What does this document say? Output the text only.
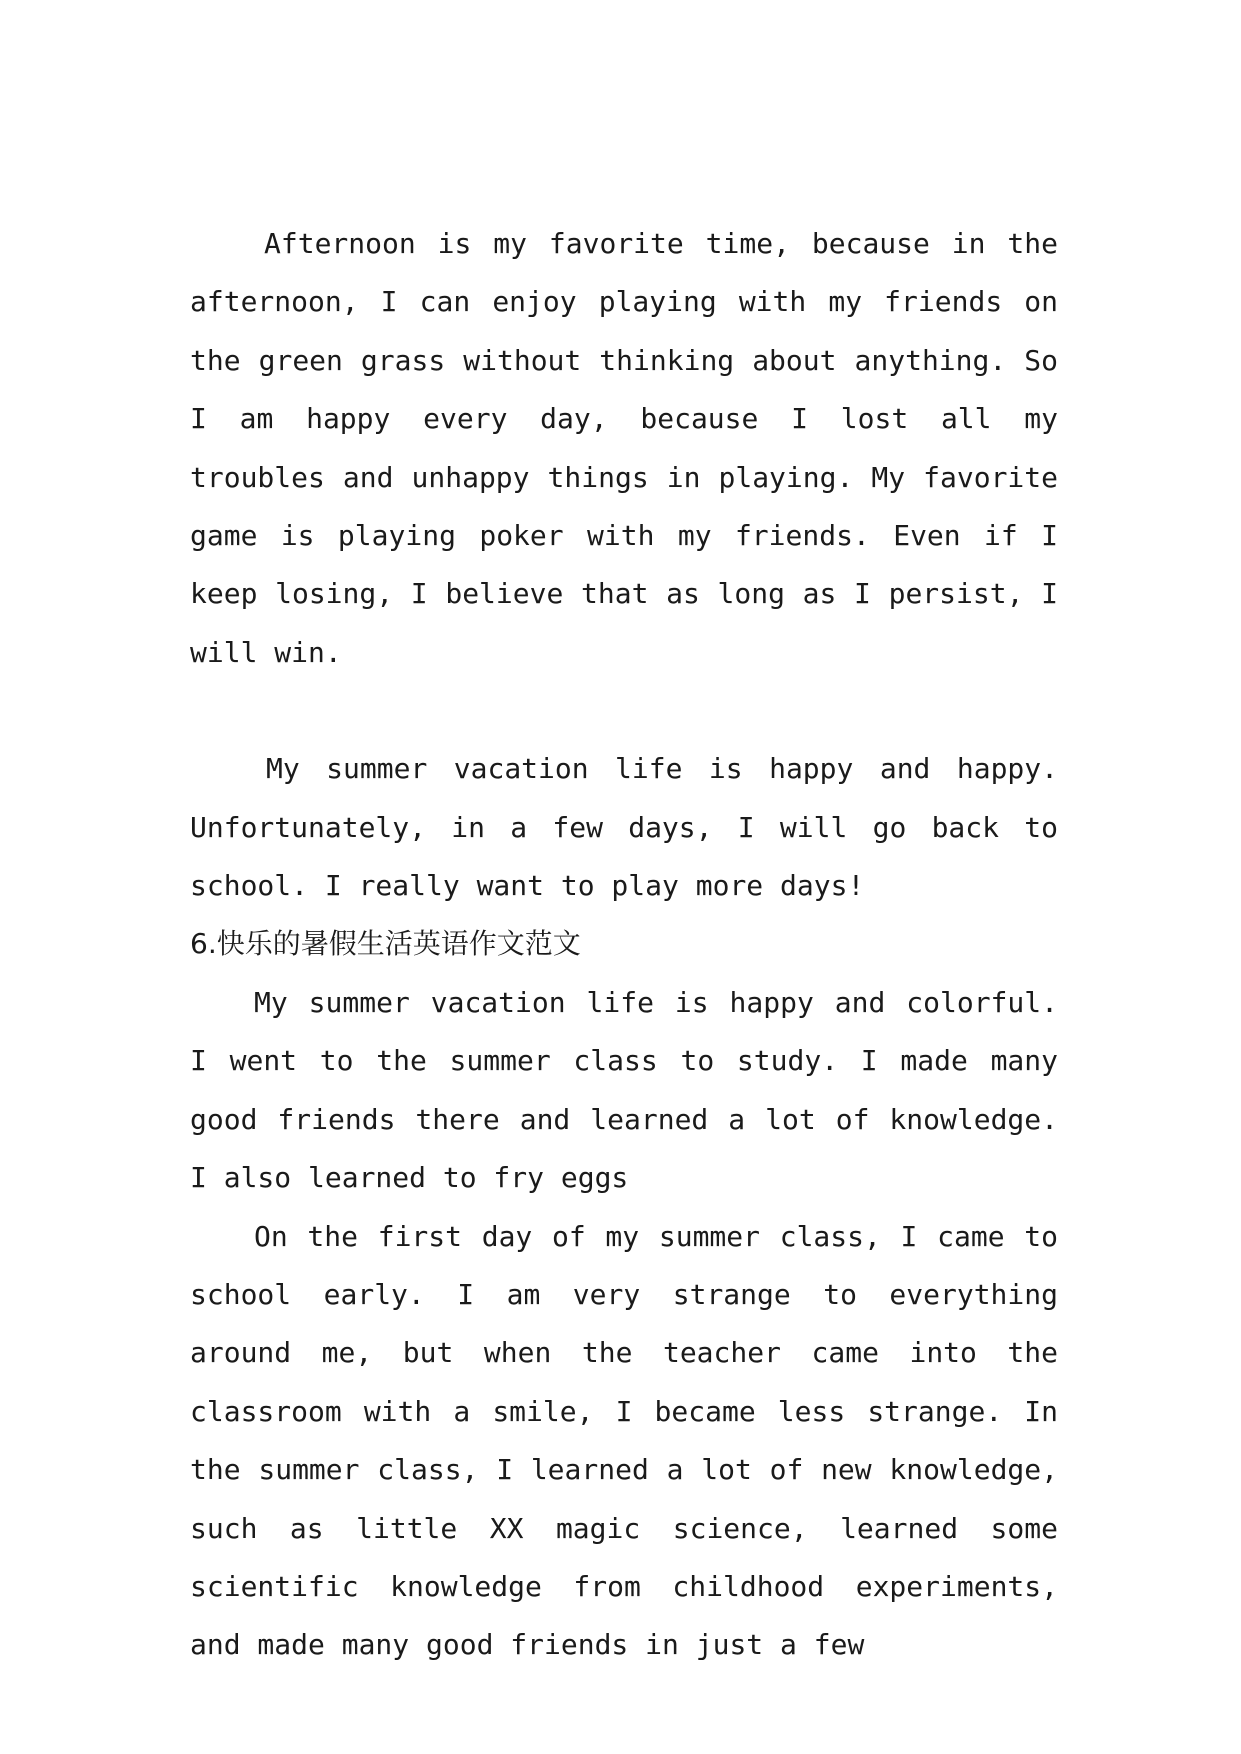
Afternoon is my favorite time, because in the afternoon, I can enjoy playing with my friends on the green grass without thinking about anything. So I am happy every day, because I lost all my troubles and unhappy things in playing. My favorite game is playing poker with my friends. Even if I keep losing, I believe that as long as I persist, I will win.

My summer vacation life is happy and happy. Unfortunately, in a few days, I will go back to school. I really want to play more days!

6.快乐的暑假生活英语作文范文

My summer vacation life is happy and colorful. I went to the summer class to study. I made many good friends there and learned a lot of knowledge. I also learned to fry eggs

On the first day of my summer class, I came to school early. I am very strange to everything around me, but when the teacher came into the classroom with a smile, I became less strange. In the summer class, I learned a lot of new knowledge, such as little XX magic science, learned some scientific knowledge from childhood experiments, and made many good friends in just a few
